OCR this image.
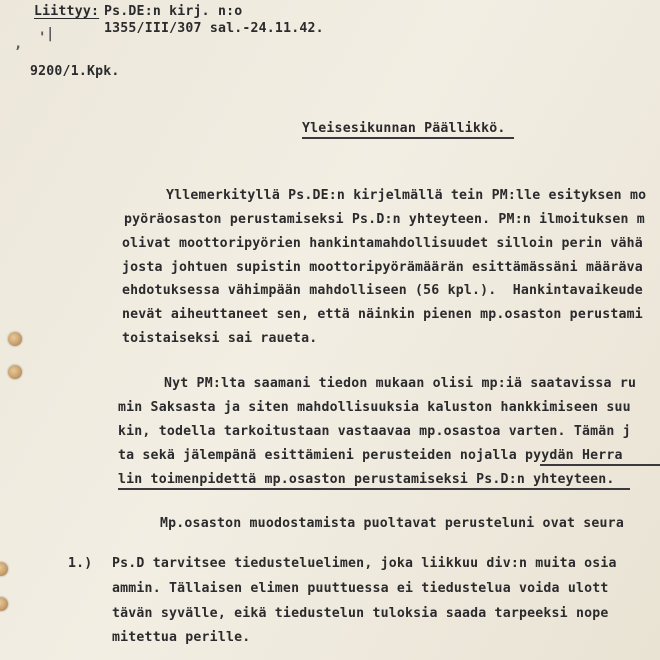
'
,
|
Liittyy: Ps.DE:n kirj. n:o
1355/III/307 sal.-24.11.42.
9200/1.Kpk.
Yleisesikunnan Päällikkö.
Yllemerkityllä Ps.DE:n kirjelmällä tein PM:lle esityksen mo
pyöräosaston perustamiseksi Ps.D:n yhteyteen. PM:n ilmoituksen m
olivat moottoripyörien hankintamahdollisuudet silloin perin vähä
josta johtuen supistin moottoripyörämäärän esittämässäni määräva
ehdotuksessa vähimpään mahdolliseen (56 kpl.).  Hankintavaikeude
nevät aiheuttaneet sen, että näinkin pienen mp.osaston perustami
toistaiseksi sai raueta.
Nyt PM:lta saamani tiedon mukaan olisi mp:iä saatavissa ru
min Saksasta ja siten mahdollisuuksia kaluston hankkimiseen suu
kin, todella tarkoitustaan vastaavaa mp.osastoa varten. Tämän j
ta sekä jälempänä esittämieni perusteiden nojalla pyydän Herra
lin toimenpidettä mp.osaston perustamiseksi Ps.D:n yhteyteen.
Mp.osaston muodostamista puoltavat perusteluni ovat seura
1.) Ps.D tarvitsee tiedusteluelimen, joka liikkuu div:n muita osia
ammin. Tällaisen elimen puuttuessa ei tiedustelua voida ulott
tävän syvälle, eikä tiedustelun tuloksia saada tarpeeksi nope
mitettua perille.
